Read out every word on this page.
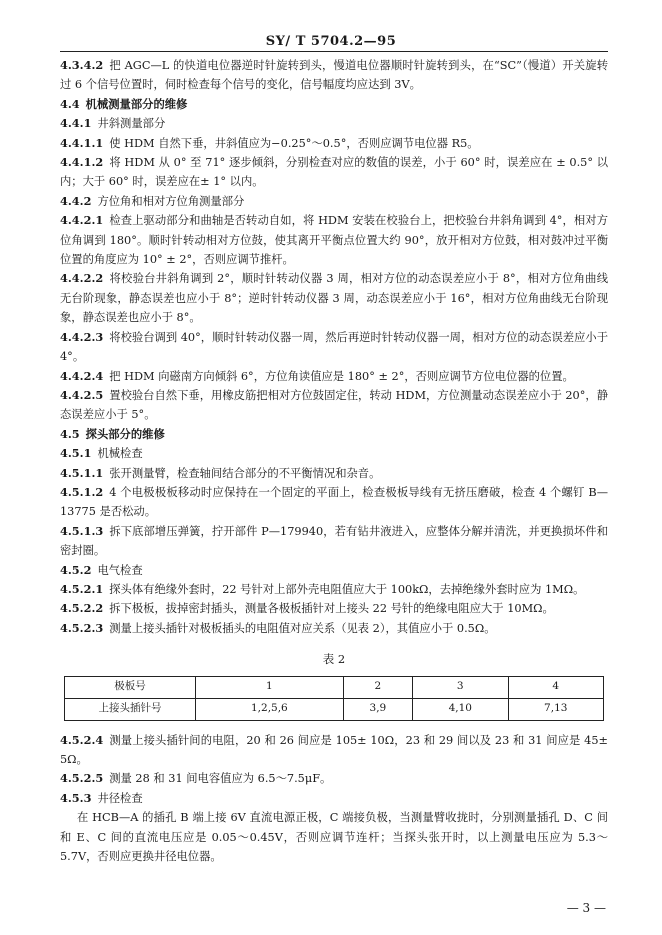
SY/ T 5704.2—95
4.3.4.2 把 AGC—L 的快道电位器逆时针旋转到头，慢道电位器顺时针旋转到头，在“SC”（慢道）开关旋转过 6 个信号位置时，伺时检查每个信号的变化，信号幅度均应达到 3V。
4.4 机械测量部分的维修
4.4.1 井斜测量部分
4.4.1.1 使 HDM 自然下垂，井斜值应为−0.25°～0.5°，否则应调节电位器 R5。
4.4.1.2 将 HDM 从 0° 至 71° 逐步倾斜，分别检查对应的数值的误差，小于 60° 时，误差应在 ± 0.5° 以内；大于 60° 时，误差应在± 1° 以内。
4.4.2 方位角和相对方位角测量部分
4.4.2.1 检查上驱动部分和曲轴是否转动自如，将 HDM 安装在校验台上，把校验台井斜角调到 4°，相对方位角调到 180°。顺时针转动相对方位鼓，使其离开平衡点位置大约 90°，放开相对方位鼓，相对鼓冲过平衡位置的角度应为 10° ± 2°，否则应调节推杆。
4.4.2.2 将校验台井斜角调到 2°，顺时针转动仪器 3 周，相对方位的动态误差应小于 8°，相对方位角曲线无台阶现象，静态误差也应小于 8°；逆时针转动仪器 3 周，动态误差应小于 16°，相对方位角曲线无台阶现象，静态误差也应小于 8°。
4.4.2.3 将校验台调到 40°，顺时针转动仪器一周，然后再逆时针转动仪器一周，相对方位的动态误差应小于 4°。
4.4.2.4 把 HDM 向磁南方向倾斜 6°，方位角读值应是 180° ± 2°，否则应调节方位电位器的位置。
4.4.2.5 置校验台自然下垂，用橡皮筋把相对方位鼓固定住，转动 HDM，方位测量动态误差应小于 20°，静态误差应小于 5°。
4.5 探头部分的维修
4.5.1 机械检查
4.5.1.1 张开测量臂，检查轴间结合部分的不平衡情况和杂音。
4.5.1.2 4 个电极极板移动时应保持在一个固定的平面上，检查极板导线有无挤压磨破，检查 4 个螺钉 B—13775 是否松动。
4.5.1.3 拆下底部增压弹簧，拧开部件 P—179940，若有钻井液进入，应整体分解并清洗，并更换损坏件和密封圈。
4.5.2 电气检查
4.5.2.1 探头体有绝缘外套时，22 号针对上部外壳电阻值应大于 100kΩ，去掉绝缘外套时应为 1MΩ。
4.5.2.2 拆下极板，拔掉密封插头，测量各极板插针对上接头 22 号针的绝缘电阻应大于 10MΩ。
4.5.2.3 测量上接头插针对极板插头的电阻值对应关系（见表 2），其值应小于 0.5Ω。
表 2
极板号	1	2	3	4
上接头插针号	1,2,5,6	3,9	4,10	7,13
4.5.2.4 测量上接头插针间的电阻，20 和 26 间应是 105± 10Ω，23 和 29 间以及 23 和 31 间应是 45± 5Ω。
4.5.2.5 测量 28 和 31 间电容值应为 6.5～7.5μF。
4.5.3 井径检查
在 HCB—A 的插孔 B 端上接 6V 直流电源正极，C 端接负极，当测量臂收拢时，分别测量插孔 D、C 间和 E、C 间的直流电压应是 0.05～0.45V，否则应调节连杆；当探头张开时，以上测量电压应为 5.3～5.7V，否则应更换井径电位器。
— 3 —
